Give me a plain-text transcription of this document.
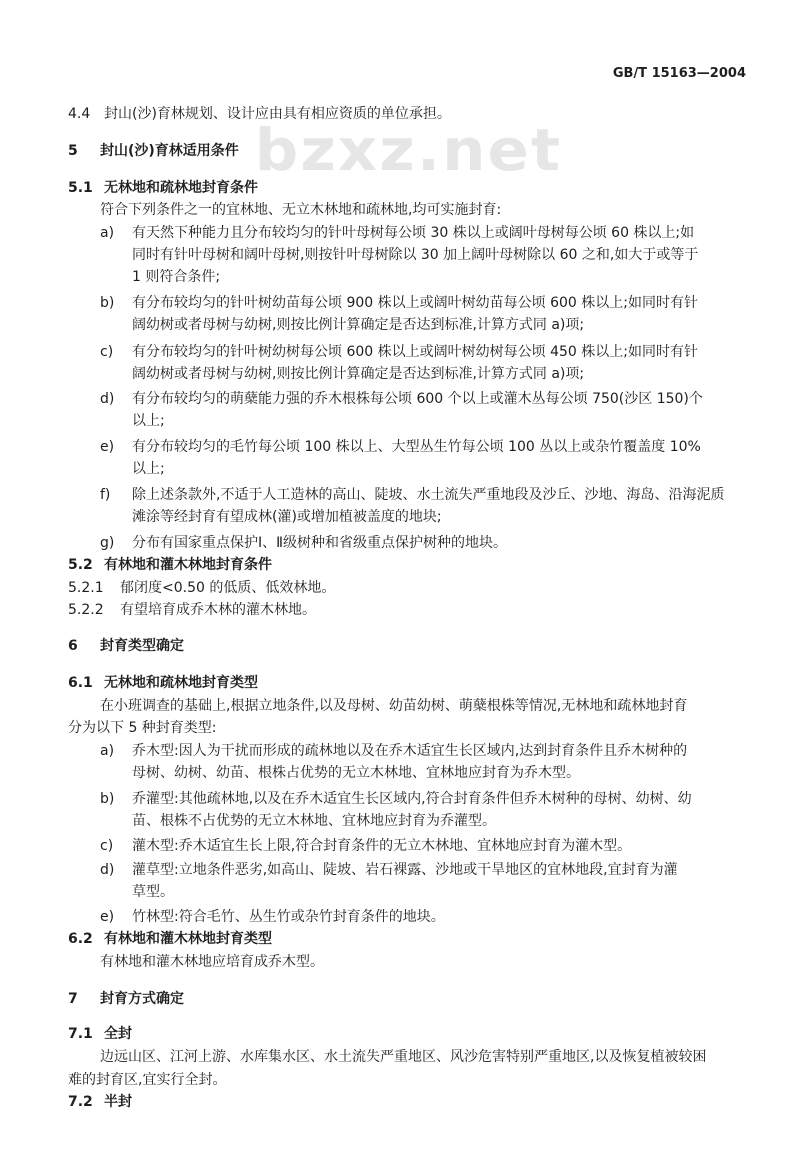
GB/T 15163—2004
bzxz.net
4.4 封山(沙)育林规划、设计应由具有相应资质的单位承担。
5 封山(沙)育林适用条件
5.1 无林地和疏林地封育条件
符合下列条件之一的宜林地、无立木林地和疏林地,均可实施封育:
a) 有天然下种能力且分布较均匀的针叶母树每公顷 30 株以上或阔叶母树每公顷 60 株以上;如
同时有针叶母树和阔叶母树,则按针叶母树除以 30 加上阔叶母树除以 60 之和,如大于或等于
1 则符合条件;
b) 有分布较均匀的针叶树幼苗每公顷 900 株以上或阔叶树幼苗每公顷 600 株以上;如同时有针
阔幼树或者母树与幼树,则按比例计算确定是否达到标准,计算方式同 a)项;
c) 有分布较均匀的针叶树幼树每公顷 600 株以上或阔叶树幼树每公顷 450 株以上;如同时有针
阔幼树或者母树与幼树,则按比例计算确定是否达到标准,计算方式同 a)项;
d) 有分布较均匀的萌蘖能力强的乔木根株每公顷 600 个以上或灌木丛每公顷 750(沙区 150)个
以上;
e) 有分布较均匀的毛竹每公顷 100 株以上、大型丛生竹每公顷 100 丛以上或杂竹覆盖度 10%
以上;
f) 除上述条款外,不适于人工造林的高山、陡坡、水土流失严重地段及沙丘、沙地、海岛、沿海泥质
滩涂等经封育有望成林(灌)或增加植被盖度的地块;
g) 分布有国家重点保护Ⅰ、Ⅱ级树种和省级重点保护树种的地块。
5.2 有林地和灌木林地封育条件
5.2.1 郁闭度<0.50 的低质、低效林地。
5.2.2 有望培育成乔木林的灌木林地。
6 封育类型确定
6.1 无林地和疏林地封育类型
在小班调查的基础上,根据立地条件,以及母树、幼苗幼树、萌蘖根株等情况,无林地和疏林地封育
分为以下 5 种封育类型:
a) 乔木型:因人为干扰而形成的疏林地以及在乔木适宜生长区域内,达到封育条件且乔木树种的
母树、幼树、幼苗、根株占优势的无立木林地、宜林地应封育为乔木型。
b) 乔灌型:其他疏林地,以及在乔木适宜生长区域内,符合封育条件但乔木树种的母树、幼树、幼
苗、根株不占优势的无立木林地、宜林地应封育为乔灌型。
c) 灌木型:乔木适宜生长上限,符合封育条件的无立木林地、宜林地应封育为灌木型。
d) 灌草型:立地条件恶劣,如高山、陡坡、岩石裸露、沙地或干旱地区的宜林地段,宜封育为灌
草型。
e) 竹林型:符合毛竹、丛生竹或杂竹封育条件的地块。
6.2 有林地和灌木林地封育类型
有林地和灌木林地应培育成乔木型。
7 封育方式确定
7.1 全封
边远山区、江河上游、水库集水区、水土流失严重地区、风沙危害特别严重地区,以及恢复植被较困
难的封育区,宜实行全封。
7.2 半封
